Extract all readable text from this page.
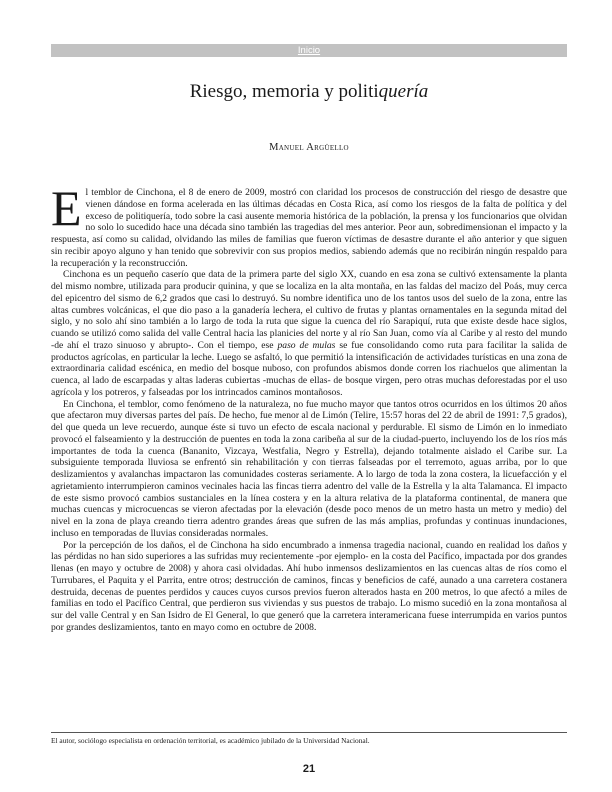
Inicio
Riesgo, memoria y politiquería
Manuel Argüello

El temblor de Cinchona, el 8 de enero de 2009, mostró con claridad los procesos de construcción del riesgo de desastre que vienen dándose en forma acelerada en las últimas décadas en Costa Rica, así como los riesgos de la falta de política y del exceso de politiquería, todo sobre la casi ausente memoria histórica de la población, la prensa y los funcionarios que olvidan no solo lo sucedido hace una década sino también las tragedias del mes anterior. Peor aun, sobredimensionan el impacto y la respuesta, así como su calidad, olvidando las miles de familias que fueron víctimas de desastre durante el año anterior y que siguen sin recibir apoyo alguno y han tenido que sobrevivir con sus propios medios, sabiendo además que no recibirán ningún respaldo para la recuperación y la reconstrucción.

Cinchona es un pequeño caserío que data de la primera parte del siglo XX, cuando en esa zona se cultivó extensamente la planta del mismo nombre, utilizada para producir quinina, y que se localiza en la alta montaña, en las faldas del macizo del Poás, muy cerca del epicentro del sismo de 6,2 grados que casi lo destruyó. Su nombre identifica uno de los tantos usos del suelo de la zona, entre las altas cumbres volcánicas, el que dio paso a la ganadería lechera, el cultivo de frutas y plantas ornamentales en la segunda mitad del siglo, y no solo ahí sino también a lo largo de toda la ruta que sigue la cuenca del río Sarapiquí, ruta que existe desde hace siglos, cuando se utilizó como salida del valle Central hacia las planicies del norte y al río San Juan, como vía al Caribe y al resto del mundo -de ahí el trazo sinuoso y abrupto-. Con el tiempo, ese paso de mulas se fue consolidando como ruta para facilitar la salida de productos agrícolas, en particular la leche. Luego se asfaltó, lo que permitió la intensificación de actividades turísticas en una zona de extraordinaria calidad escénica, en medio del bosque nuboso, con profundos abismos donde corren los riachuelos que alimentan la cuenca, al lado de escarpadas y altas laderas cubiertas -muchas de ellas- de bosque virgen, pero otras muchas deforestadas por el uso agrícola y los potreros, y falseadas por los intrincados caminos montañosos.

En Cinchona, el temblor, como fenómeno de la naturaleza, no fue mucho mayor que tantos otros ocurridos en los últimos 20 años que afectaron muy diversas partes del país. De hecho, fue menor al de Limón (Telire, 15:57 horas del 22 de abril de 1991: 7,5 grados), del que queda un leve recuerdo, aunque éste si tuvo un efecto de escala nacional y perdurable. El sismo de Limón en lo inmediato provocó el falseamiento y la destrucción de puentes en toda la zona caribeña al sur de la ciudad-puerto, incluyendo los de los ríos más importantes de toda la cuenca (Bananito, Vizcaya, Westfalia, Negro y Estrella), dejando totalmente aislado el Caribe sur. La subsiguiente temporada lluviosa se enfrentó sin rehabilitación y con tierras falseadas por el terremoto, aguas arriba, por lo que deslizamientos y avalanchas impactaron las comunidades costeras seriamente. A lo largo de toda la zona costera, la licuefacción y el agrietamiento interrumpieron caminos vecinales hacia las fincas tierra adentro del valle de la Estrella y la alta Talamanca. El impacto de este sismo provocó cambios sustanciales en la línea costera y en la altura relativa de la plataforma continental, de manera que muchas cuencas y microcuencas se vieron afectadas por la elevación (desde poco menos de un metro hasta un metro y medio) del nivel en la zona de playa creando tierra adentro grandes áreas que sufren de las más amplias, profundas y continuas inundaciones, incluso en temporadas de lluvias consideradas normales.

Por la percepción de los daños, el de Cinchona ha sido encumbrado a inmensa tragedia nacional, cuando en realidad los daños y las pérdidas no han sido superiores a las sufridas muy recientemente -por ejemplo- en la costa del Pacífico, impactada por dos grandes llenas (en mayo y octubre de 2008) y ahora casi olvidadas. Ahí hubo inmensos deslizamientos en las cuencas altas de ríos como el Turrubares, el Paquita y el Parrita, entre otros; destrucción de caminos, fincas y beneficios de café, aunado a una carretera costanera destruida, decenas de puentes perdidos y cauces cuyos cursos previos fueron alterados hasta en 200 metros, lo que afectó a miles de familias en todo el Pacífico Central, que perdieron sus viviendas y sus puestos de trabajo. Lo mismo sucedió en la zona montañosa al sur del valle Central y en San Isidro de El General, lo que generó que la carretera interamericana fuese interrumpida en varios puntos por grandes deslizamientos, tanto en mayo como en octubre de 2008.

El autor, sociólogo especialista en ordenación territorial, es académico jubilado de la Universidad Nacional.
21
